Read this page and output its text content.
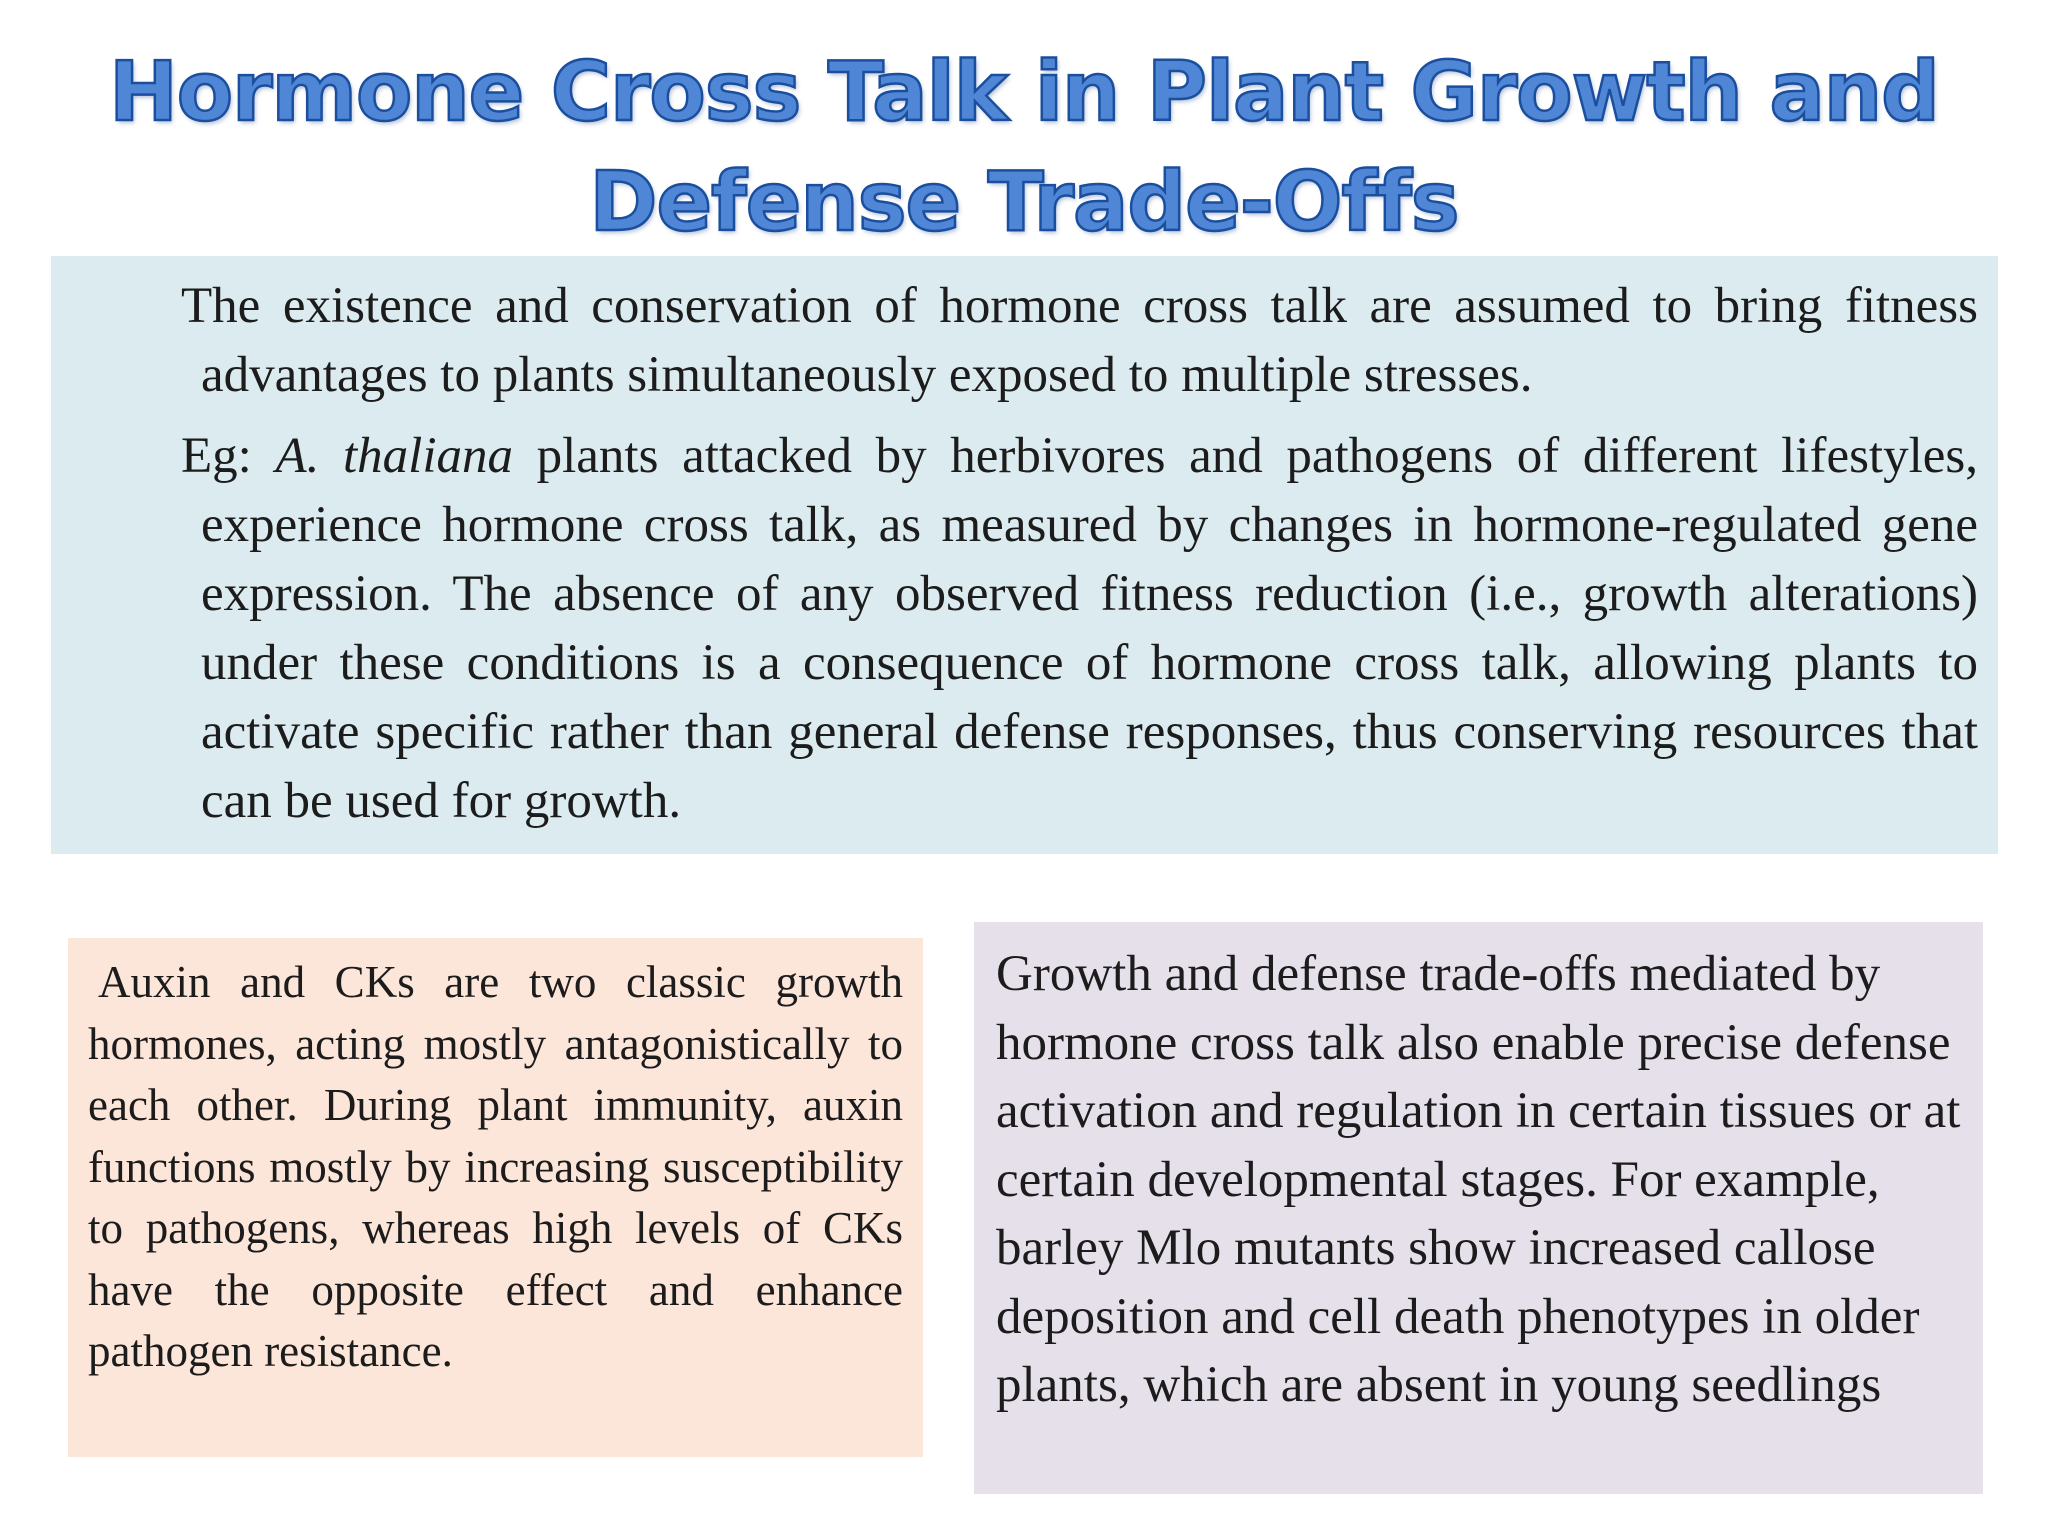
Hormone Cross Talk in Plant Growth and
Defense Trade-Offs

The existence and conservation of hormone cross talk are assumed to bring fitness advantages to plants simultaneously exposed to multiple stresses.

Eg: A. thaliana plants attacked by herbivores and pathogens of different lifestyles, experience hormone cross talk, as measured by changes in hormone-regulated gene expression. The absence of any observed fitness reduction (i.e., growth alterations) under these conditions is a consequence of hormone cross talk, allowing plants to activate specific rather than general defense responses, thus conserving resources that can be used for growth.

Auxin and CKs are two classic growth hormones, acting mostly antagonistically to each other. During plant immunity, auxin functions mostly by increasing susceptibility to pathogens, whereas high levels of CKs have the opposite effect and enhance pathogen resistance.

Growth and defense trade-offs mediated by hormone cross talk also enable precise defense activation and regulation in certain tissues or at certain developmental stages. For example, barley Mlo mutants show increased callose deposition and cell death phenotypes in older plants, which are absent in young seedlings
